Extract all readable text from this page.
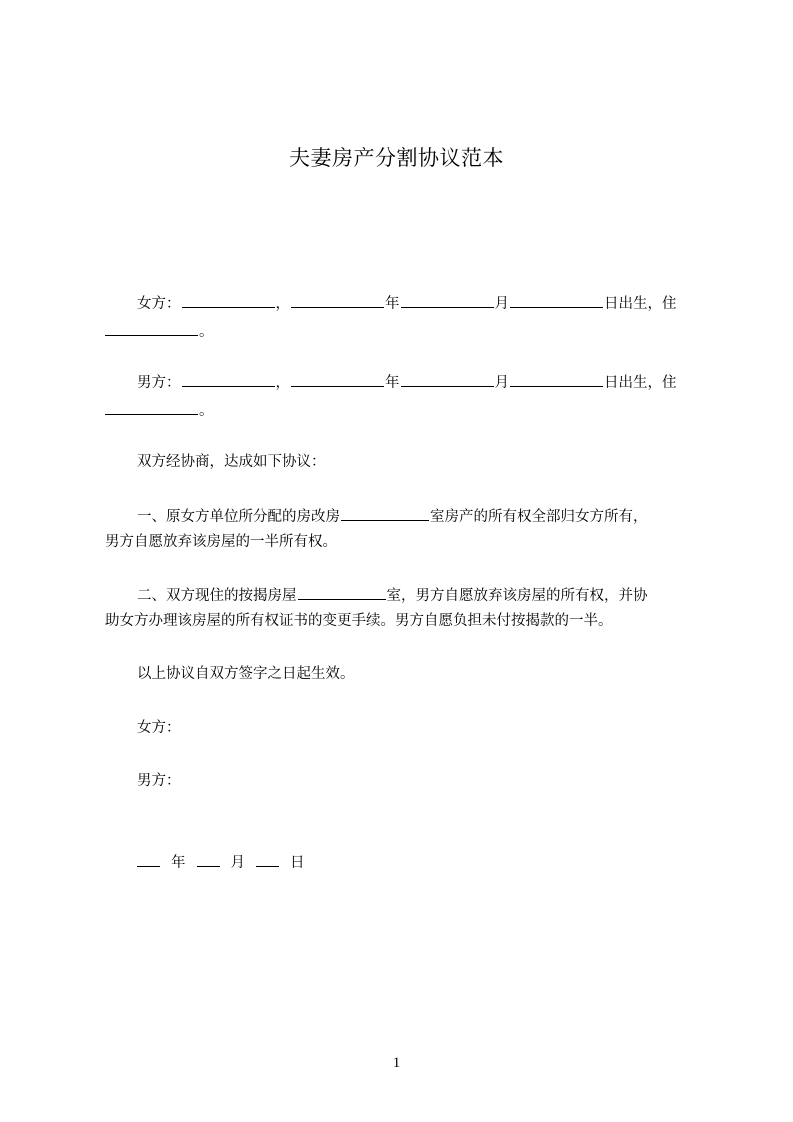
夫妻房产分割协议范本
女方：	，	年	月	日出生，住
。
男方：	，	年	月	日出生，住
。
双方经协商，达成如下协议：
一、原女方单位所分配的房改房	室房产的所有权全部归女方所有，
男方自愿放弃该房屋的一半所有权。
二、双方现住的按揭房屋	室，男方自愿放弃该房屋的所有权，并协
助女方办理该房屋的所有权证书的变更手续。男方自愿负担未付按揭款的一半。
以上协议自双方签字之日起生效。
女方：
男方：
年	月	日
1
